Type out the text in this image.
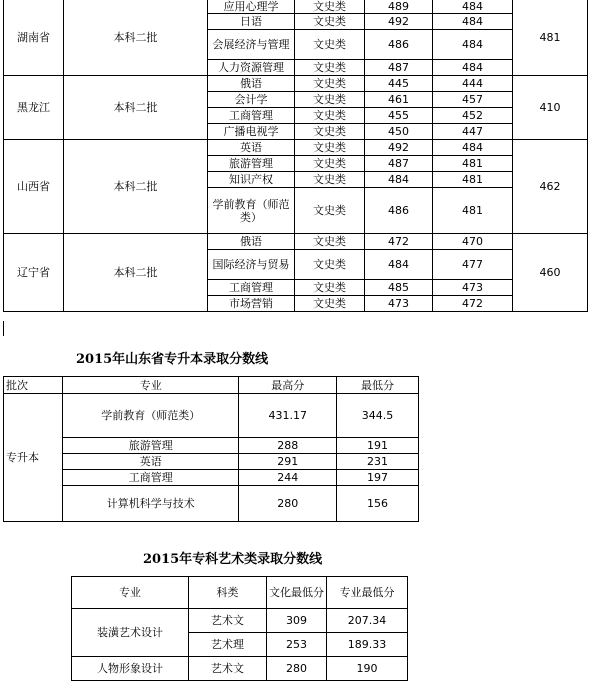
湖南省	本科二批	应用心理学	文史类	489	484	481
		日语	文史类	492	484	
		会展经济与管理	文史类	486	484	
		人力资源管理	文史类	487	484	
黑龙江	本科二批	俄语	文史类	445	444	410
		会计学	文史类	461	457	
		工商管理	文史类	455	452	
		广播电视学	文史类	450	447	
山西省	本科二批	英语	文史类	492	484	462
		旅游管理	文史类	487	481	
		知识产权	文史类	484	481	
		学前教育（师范类）	文史类	486	481	
辽宁省	本科二批	俄语	文史类	472	470	460
		国际经济与贸易	文史类	484	477	
		工商管理	文史类	485	473	
		市场营销	文史类	473	472	
2015年山东省专升本录取分数线
批次	专业	最高分	最低分
专升本	学前教育（师范类）	431.17	344.5
	旅游管理	288	191
	英语	291	231
	工商管理	244	197
	计算机科学与技术	280	156
2015年专科艺术类录取分数线
专业	科类	文化最低分	专业最低分
装潢艺术设计	艺术文	309	207.34
	艺术理	253	189.33
人物形象设计	艺术文	280	190
